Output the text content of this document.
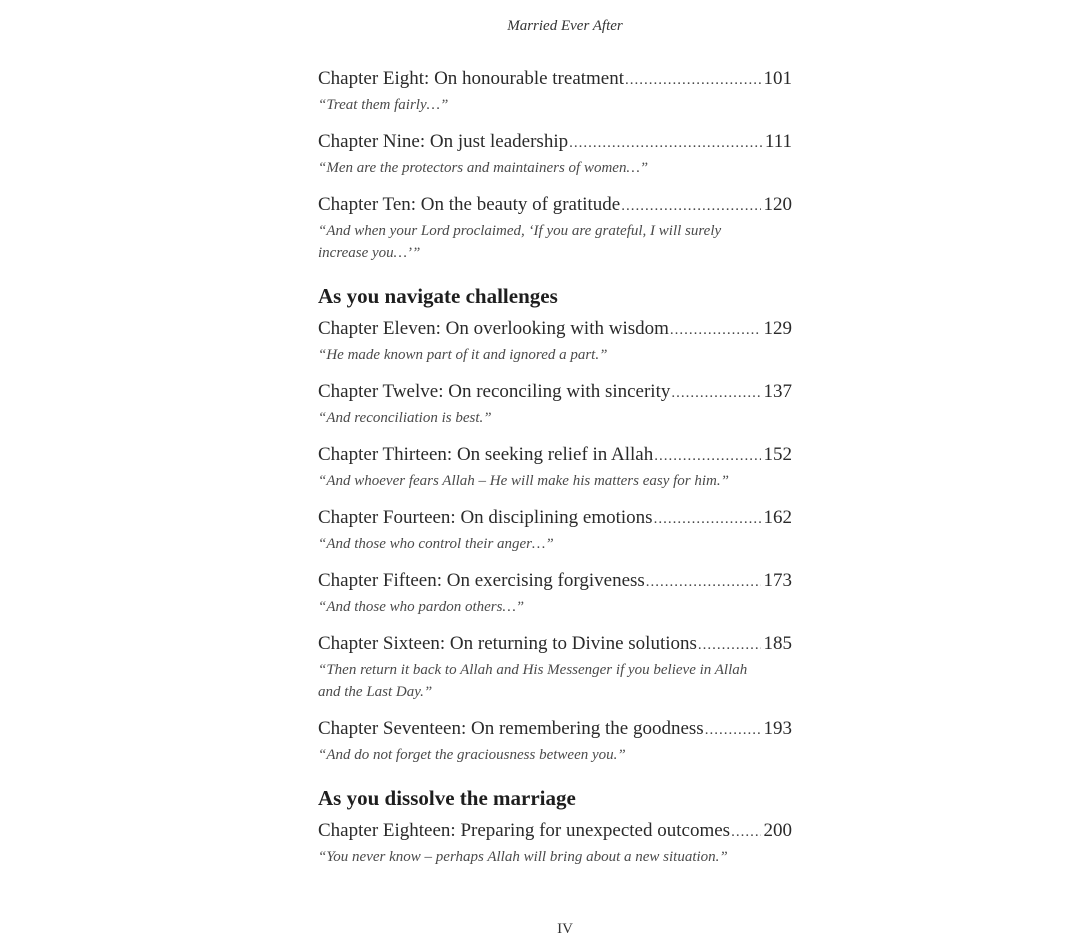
Married Ever After
Chapter Eight: On honourable treatment .....	101
“Treat them fairly…”
Chapter Nine: On just leadership .....	111
“Men are the protectors and maintainers of women…”
Chapter Ten: On the beauty of gratitude .....	120
“And when your Lord proclaimed, ‘If you are grateful, I will surely increase you…’”
As you navigate challenges
Chapter Eleven: On overlooking with wisdom .....	129
“He made known part of it and ignored a part.”
Chapter Twelve: On reconciling with sincerity .....	137
“And reconciliation is best.”
Chapter Thirteen: On seeking relief in Allah .....	152
“And whoever fears Allah – He will make his matters easy for him.”
Chapter Fourteen: On disciplining emotions .....	162
“And those who control their anger…”
Chapter Fifteen: On exercising forgiveness .....	173
“And those who pardon others…”
Chapter Sixteen: On returning to Divine solutions .....	185
“Then return it back to Allah and His Messenger if you believe in Allah and the Last Day.”
Chapter Seventeen: On remembering the goodness .....	193
“And do not forget the graciousness between you.”
As you dissolve the marriage
Chapter Eighteen: Preparing for unexpected outcomes ..... 200
“You never know – perhaps Allah will bring about a new situation.”
IV
